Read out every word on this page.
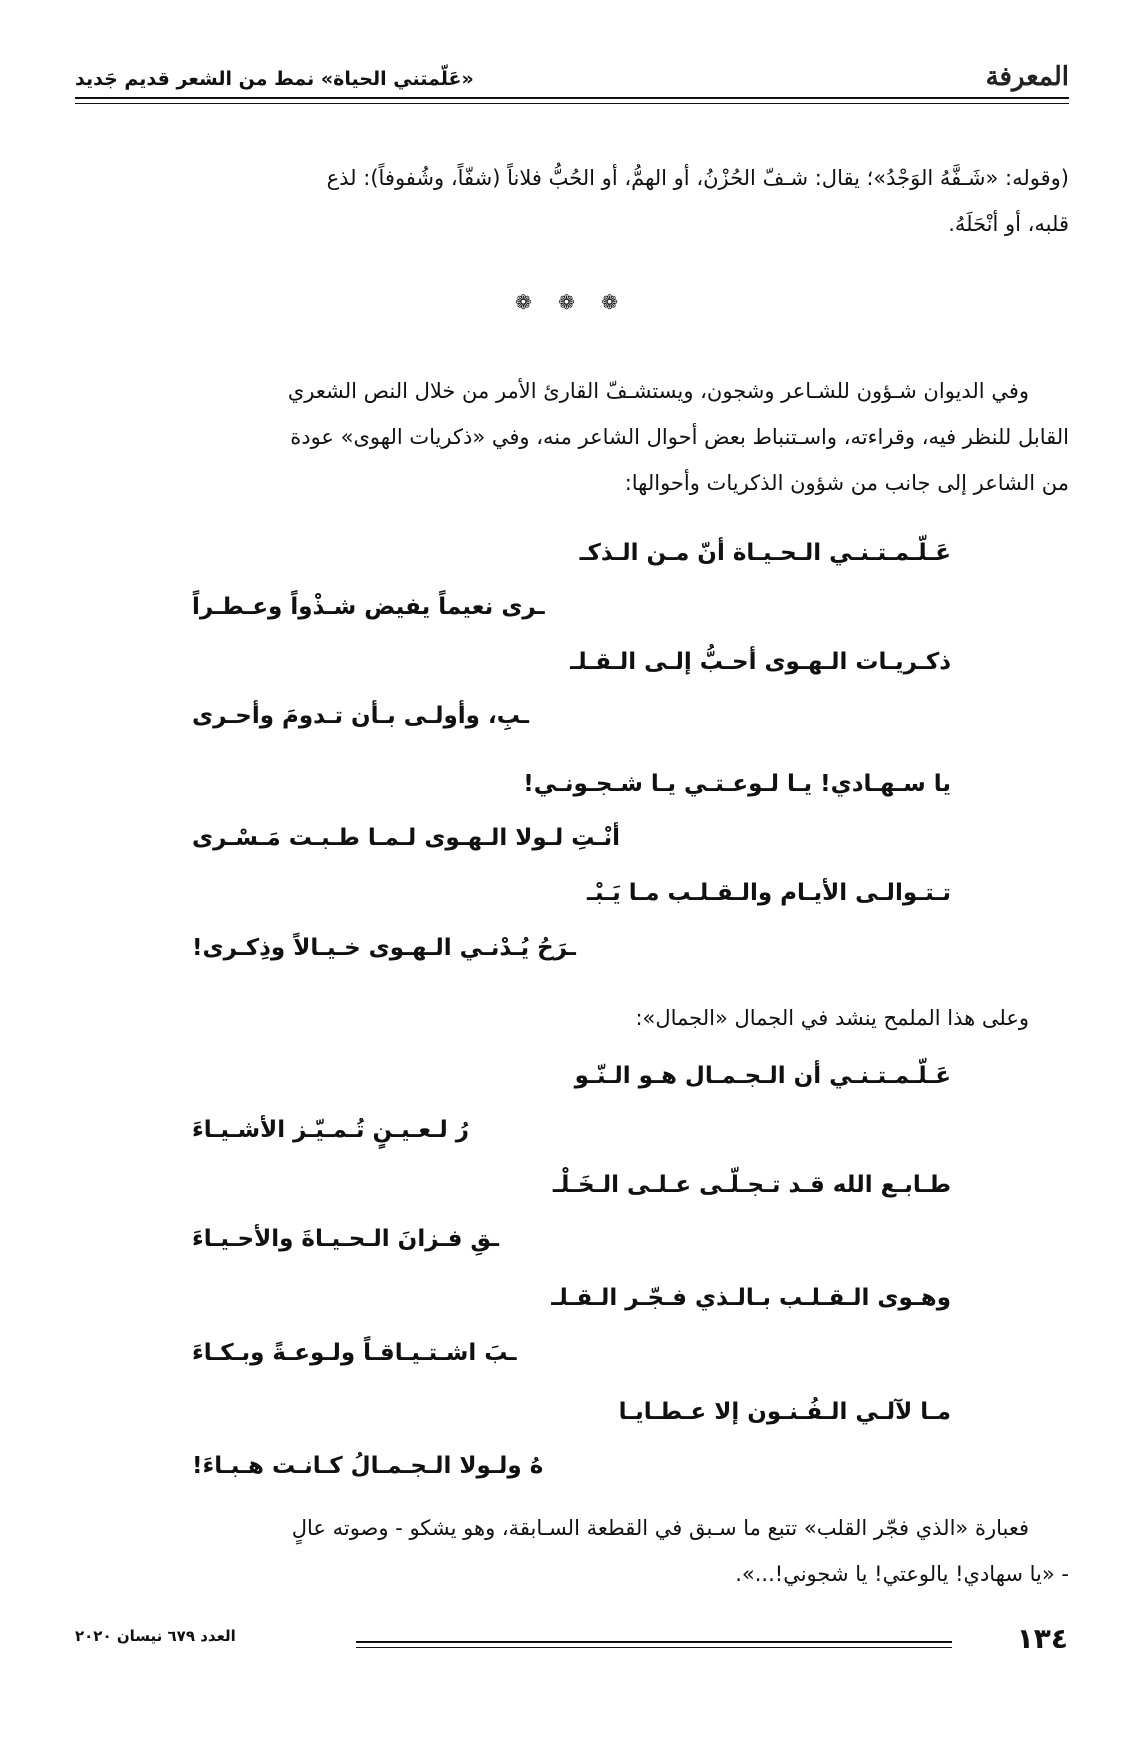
المعرفة
«عَلّمتني الحياة» نمط من الشعر قديم جَديد

(وقوله: «شَـفَّهُ الوَجْدُ»؛ يقال: شـفّ الحُزْنُ، أو الهمُّ، أو الحُبُّ فلاناً (شفّاً، وشُفوفاً): لذع

قلبه، أو أنْحَلَهُ.

❁ ❁ ❁

وفي الديوان شـؤون للشـاعر وشجون، ويستشـفّ القارئ الأمر من خلال النص الشعري

القابل للنظر فيه، وقراءته، واسـتنباط بعض أحوال الشاعر منه، وفي «ذكريات الهوى» عودة

من الشاعر إلى جانب من شؤون الذكريات وأحوالها:

عَـلّـمـتـنـي الـحـيـاة أنّ مـن الـذكـ
ـرى نعيماً يفيض شـذْواً وعـطـراً
ذكـريـات الـهـوى أحـبُّ إلـى الـقـلـ
ـبِ، وأولـى بـأن تـدومَ وأحـرى
يا سـهـادي! يـا لـوعـتـي يـا شـجـونـي!
أنْـتِ لـولا الـهـوى لـمـا طـبـت مَـسْـرى
تـتـوالـى الأيـام والـقـلـب مـا يَـبْـ
ـرَحُ يُـدْنـي الـهـوى خـيـالاً وذِكـرى!

وعلى هذا الملمح ينشد في الجمال «الجمال»:

عَـلّـمـتـنـي أن الـجـمـال هـو الـنّـو
رُ لـعـيـنٍ تُـمـيّـز الأشـيـاءَ
طـابـع الله قـد تـجـلّـى عـلـى الـخَـلْـ
ـقِ فـزانَ الـحـيـاةَ والأحـيـاءَ
وهـوى الـقـلـب بـالـذي فـجّـر الـقـلـ
ـبَ اشـتـيـاقـاً ولـوعـةً وبـكـاءَ
مـا لآلـي الـفُـنـون إلا عـطـايـا
هُ ولـولا الـجـمـالُ كـانـت هـبـاءَ!

فعبارة «الذي فجّر القلب» تتبع ما سـبق في القطعة السـابقة، وهو يشكو - وصوته عالٍ

- «يا سهادي! يالوعتي! يا شجوني!...».

١٣٤
العدد ٦٧٩ نيسان ٢٠٢٠
